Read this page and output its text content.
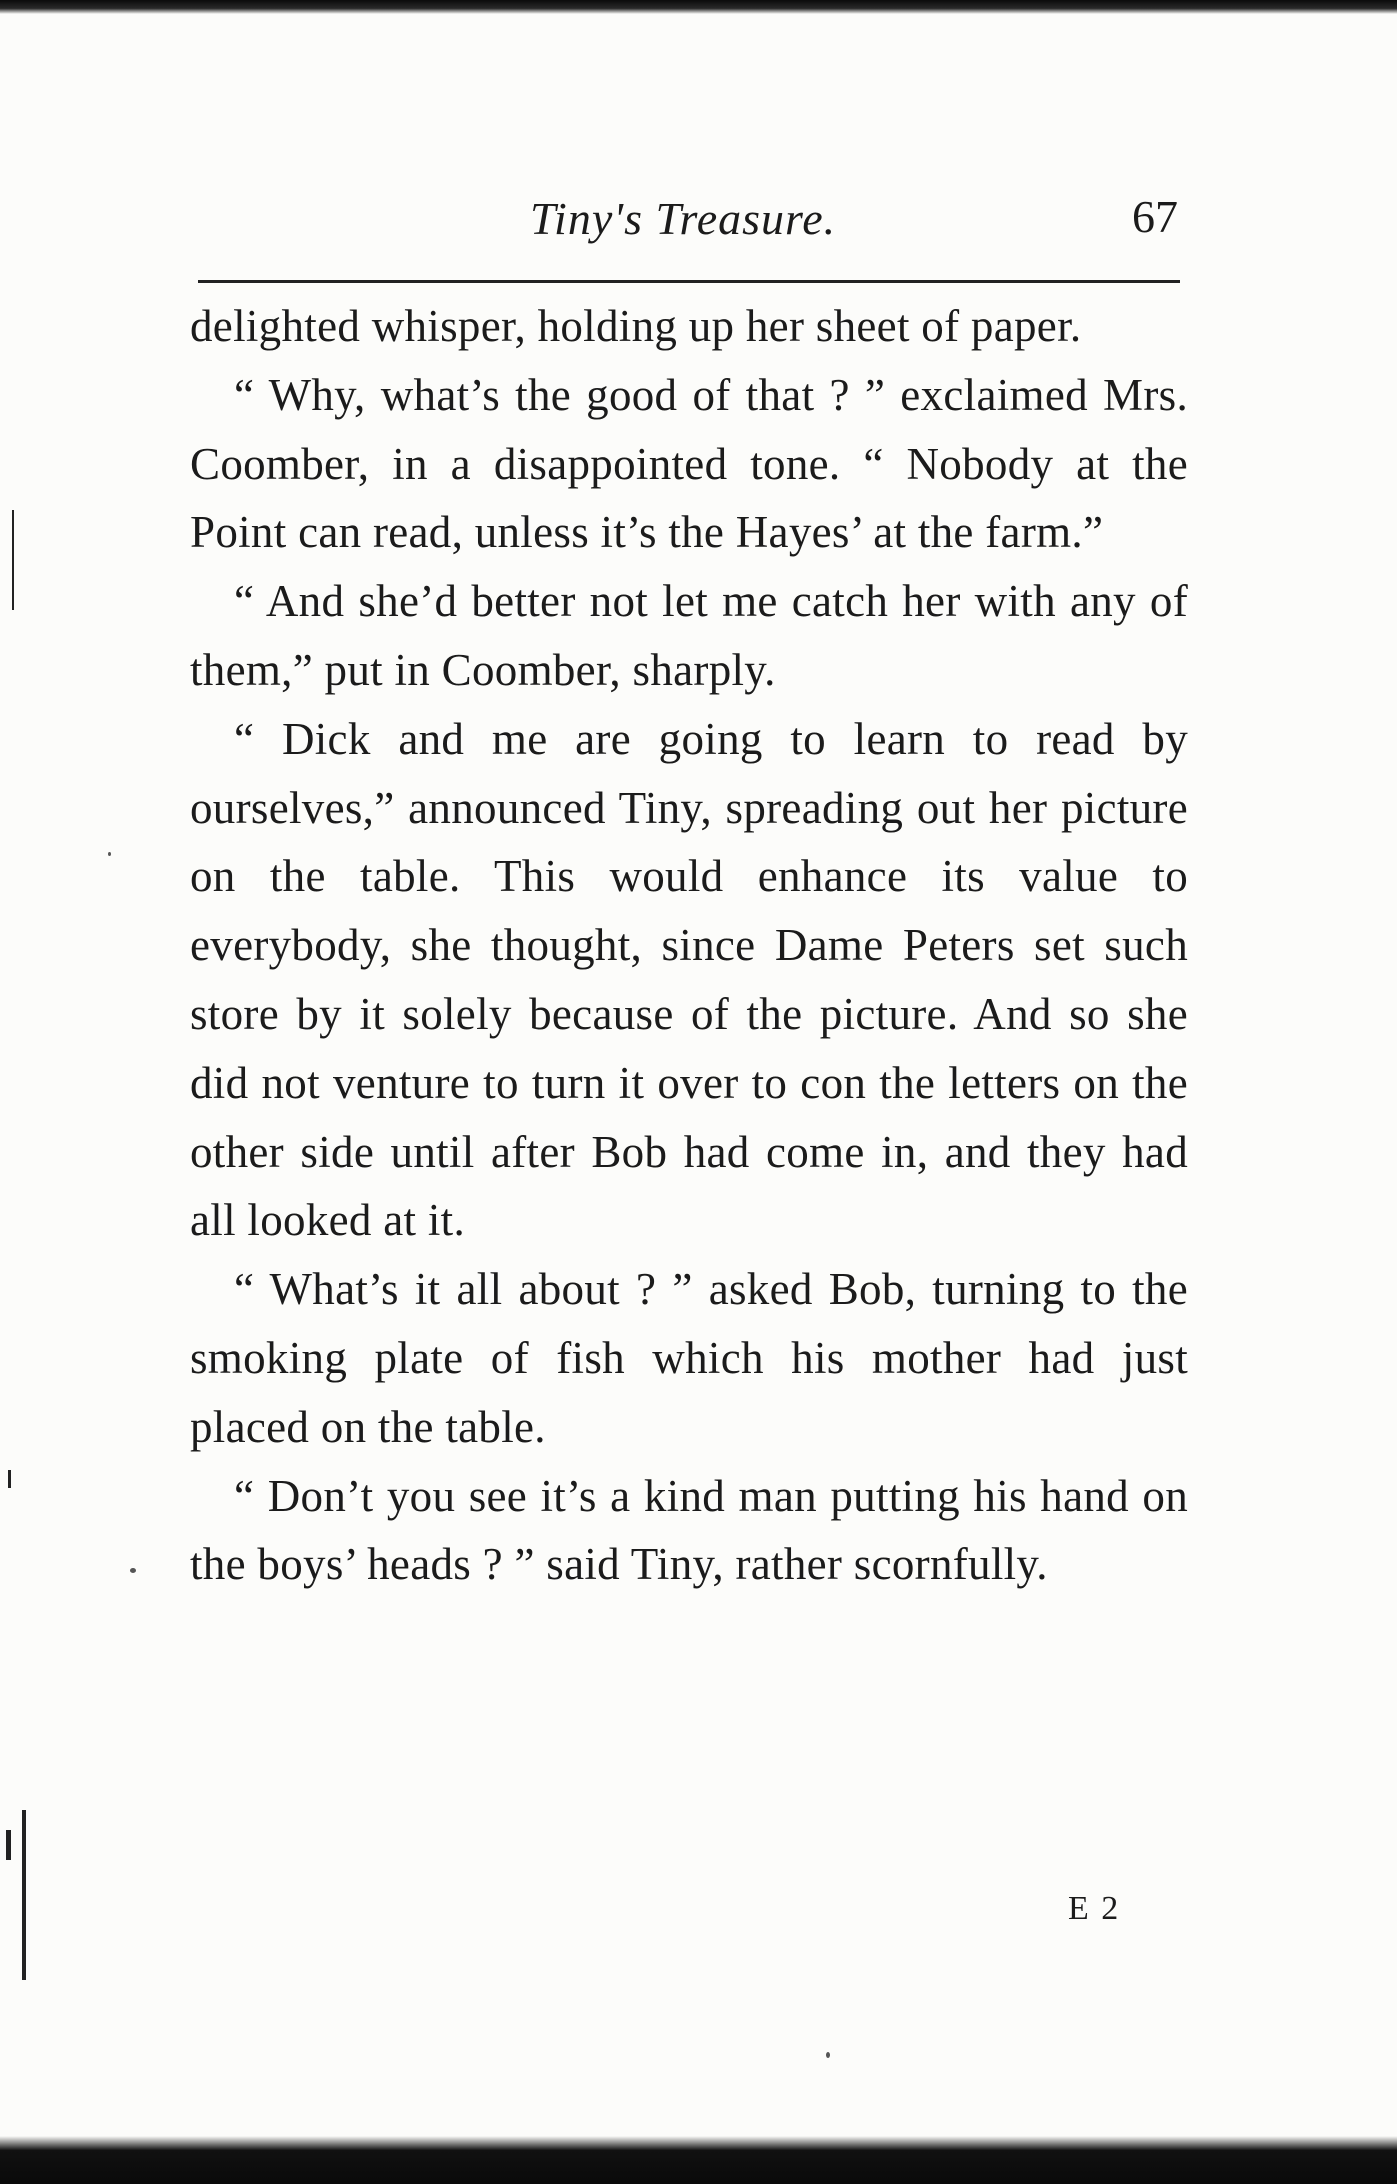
Tiny's Treasure.	67

delighted whisper, holding up her sheet of paper.

“ Why, what’s the good of that ? ” exclaimed Mrs. Coomber, in a disappointed tone. “ Nobody at the Point can read, unless it’s the Hayes’ at the farm.”

“ And she’d better not let me catch her with any of them,” put in Coomber, sharply.

“ Dick and me are going to learn to read by ourselves,” announced Tiny, spreading out her picture on the table. This would enhance its value to everybody, she thought, since Dame Peters set such store by it solely because of the picture. And so she did not venture to turn it over to con the letters on the other side until after Bob had come in, and they had all looked at it.

“ What’s it all about ? ” asked Bob, turning to the smoking plate of fish which his mother had just placed on the table.

“ Don’t you see it’s a kind man putting his hand on the boys’ heads ? ” said Tiny, rather scornfully.

E 2
